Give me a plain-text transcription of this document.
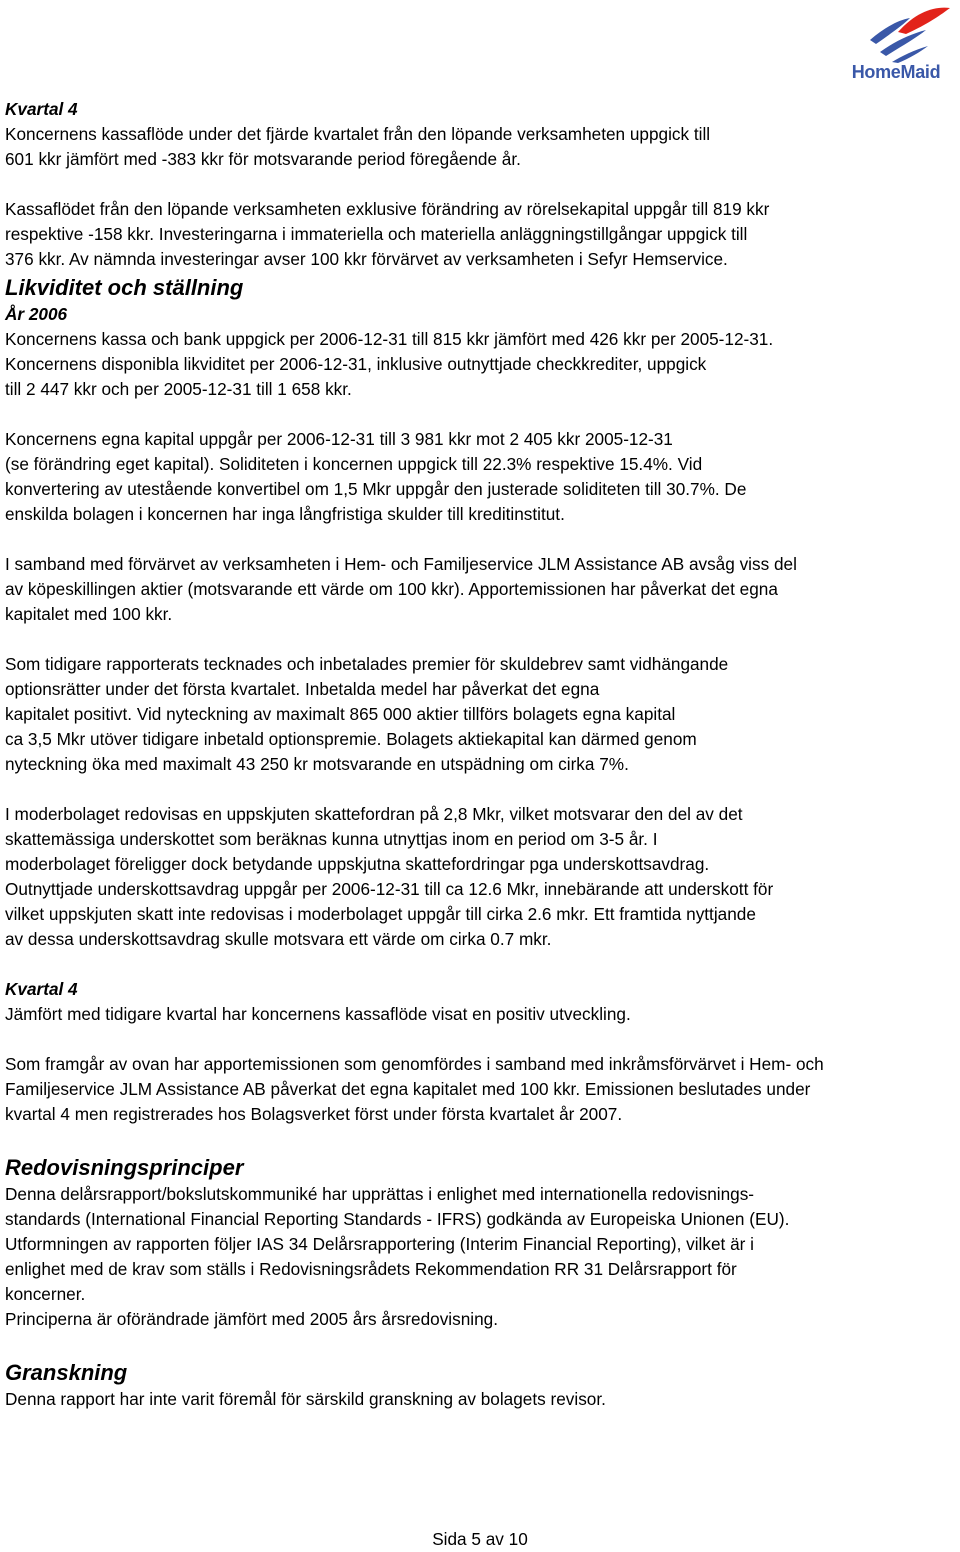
HomeMaid
Kvartal 4
Koncernens kassaflöde under det fjärde kvartalet från den löpande verksamheten uppgick till
601 kkr jämfört med -383 kkr för motsvarande period föregående år.
Kassaflödet från den löpande verksamheten exklusive förändring av rörelsekapital uppgår till 819 kkr
respektive -158 kkr. Investeringarna i immateriella och materiella anläggningstillgångar uppgick till
376 kkr. Av nämnda investeringar avser 100 kkr förvärvet av verksamheten i Sefyr Hemservice.
Likviditet och ställning
År 2006
Koncernens kassa och bank uppgick per 2006-12-31 till 815 kkr jämfört med 426 kkr per 2005-12-31.
Koncernens disponibla likviditet per 2006-12-31, inklusive outnyttjade checkkrediter, uppgick
till 2 447 kkr och per 2005-12-31 till 1 658 kkr.
Koncernens egna kapital uppgår per 2006-12-31 till 3 981 kkr mot 2 405 kkr 2005-12-31
(se förändring eget kapital). Soliditeten i koncernen uppgick till 22.3% respektive 15.4%. Vid
konvertering av utestående konvertibel om 1,5 Mkr uppgår den justerade soliditeten till 30.7%. De
enskilda bolagen i koncernen har inga långfristiga skulder till kreditinstitut.
I samband med förvärvet av verksamheten i Hem- och Familjeservice JLM Assistance AB avsåg viss del
av köpeskillingen aktier (motsvarande ett värde om 100 kkr). Apportemissionen har påverkat det egna
kapitalet med 100 kkr.
Som tidigare rapporterats tecknades och inbetalades premier för skuldebrev samt vidhängande
optionsrätter under det första kvartalet. Inbetalda medel har påverkat det egna
kapitalet positivt. Vid nyteckning av maximalt 865 000 aktier tillförs bolagets egna kapital
ca 3,5 Mkr utöver tidigare inbetald optionspremie. Bolagets aktiekapital kan därmed genom
nyteckning öka med maximalt 43 250 kr motsvarande en utspädning om cirka 7%.
I moderbolaget redovisas en uppskjuten skattefordran på 2,8 Mkr, vilket motsvarar den del av det
skattemässiga underskottet som beräknas kunna utnyttjas inom en period om 3-5 år. I
moderbolaget föreligger dock betydande uppskjutna skattefordringar pga underskottsavdrag.
Outnyttjade underskottsavdrag uppgår per 2006-12-31 till ca 12.6 Mkr, innebärande att underskott för
vilket uppskjuten skatt inte redovisas i moderbolaget uppgår till cirka 2.6 mkr. Ett framtida nyttjande
av dessa underskottsavdrag skulle motsvara ett värde om cirka 0.7 mkr.
Kvartal 4
Jämfört med tidigare kvartal har koncernens kassaflöde visat en positiv utveckling.
Som framgår av ovan har apportemissionen som genomfördes i samband med inkråmsförvärvet i Hem- och
Familjeservice JLM Assistance AB påverkat det egna kapitalet med 100 kkr. Emissionen beslutades under
kvartal 4 men registrerades hos Bolagsverket först under första kvartalet år 2007.
Redovisningsprinciper
Denna delårsrapport/bokslutskommuniké har upprättas i enlighet med internationella redovisnings-
standards (International Financial Reporting Standards - IFRS) godkända av Europeiska Unionen (EU).
Utformningen av rapporten följer IAS 34 Delårsrapportering (Interim Financial Reporting), vilket är i
enlighet med de krav som ställs i Redovisningsrådets Rekommendation RR 31 Delårsrapport för
koncerner.
Principerna är oförändrade jämfört med 2005 års årsredovisning.
Granskning
Denna rapport har inte varit föremål för särskild granskning av bolagets revisor.
Sida 5 av 10
